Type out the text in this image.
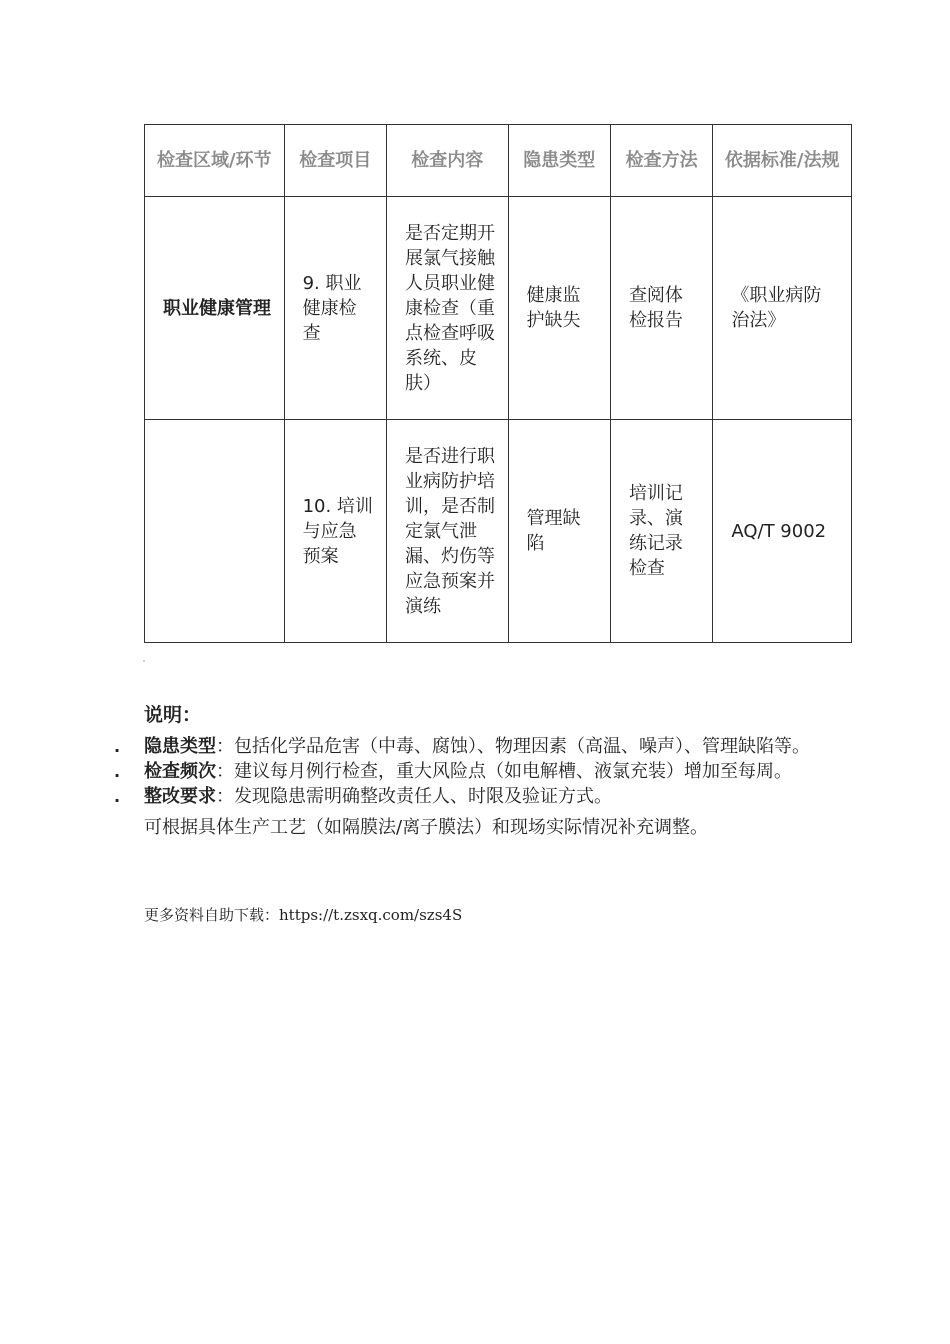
检查区域/环节	检查项目	检查内容	隐患类型	检查方法	依据标准/法规
职业健康管理	9. 职业健康检查	是否定期开展氯气接触人员职业健康检查（重点检查呼吸系统、皮肤）	健康监护缺失	查阅体检报告	《职业病防治法》
	10. 培训与应急预案	是否进行职业病防护培训，是否制定氯气泄漏、灼伤等应急预案并演练	管理缺陷	培训记录、演练记录检查	AQ/T 9002

说明：

. 隐患类型：包括化学品危害（中毒、腐蚀）、物理因素（高温、噪声）、管理缺陷等。

. 检查频次：建议每月例行检查，重大风险点（如电解槽、液氯充装）增加至每周。

. 整改要求：发现隐患需明确整改责任人、时限及验证方式。

可根据具体生产工艺（如隔膜法/离子膜法）和现场实际情况补充调整。

更多资料自助下载：https://t.zsxq.com/szs4S
